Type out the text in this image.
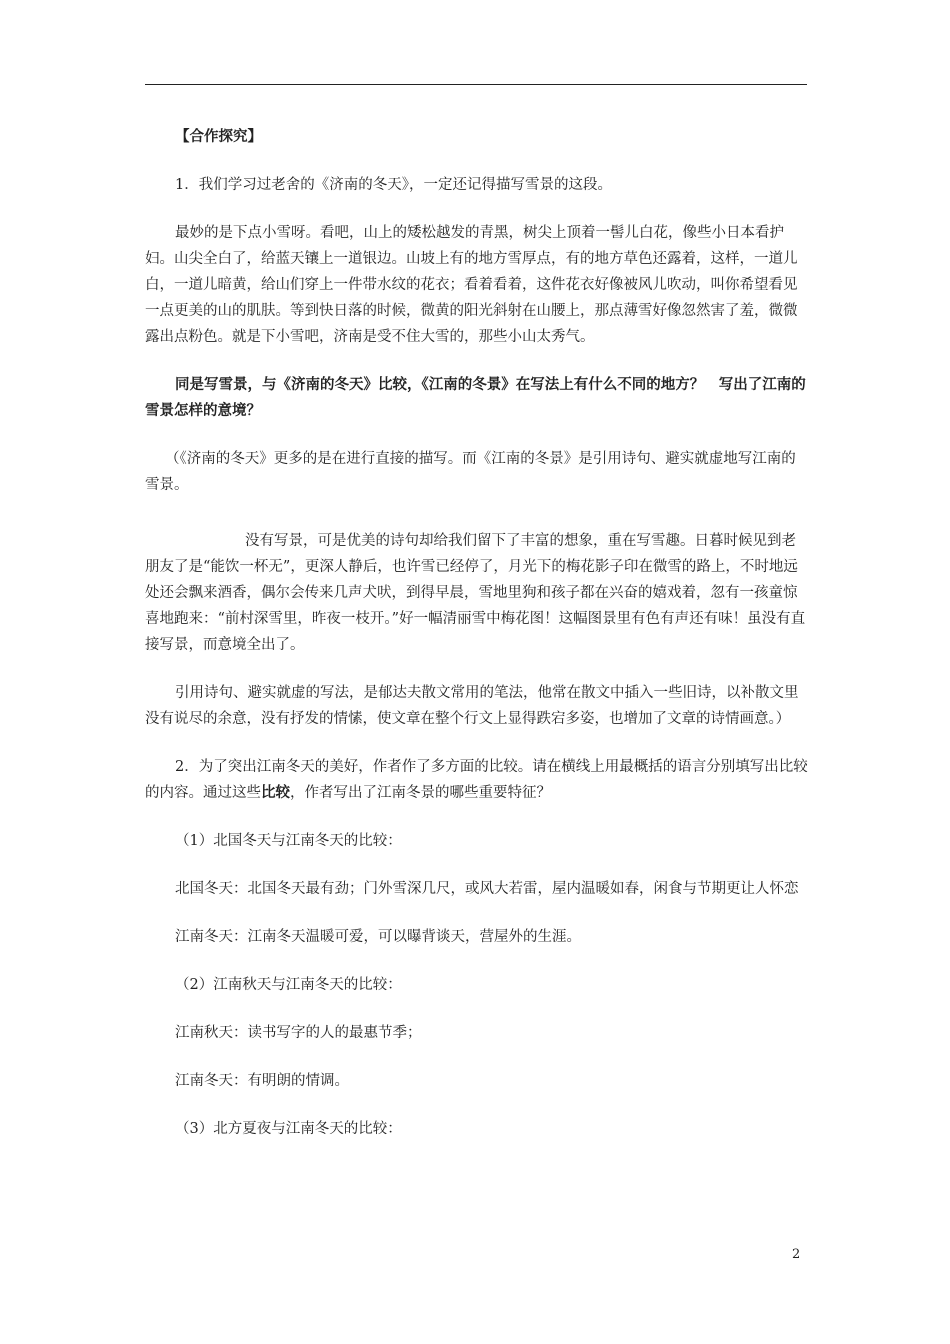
【合作探究】

1．我们学习过老舍的《济南的冬天》，一定还记得描写雪景的这段。

最妙的是下点小雪呀。看吧，山上的矮松越发的青黑，树尖上顶着一髻儿白花，像些小日本看护妇。山尖全白了，给蓝天镶上一道银边。山坡上有的地方雪厚点，有的地方草色还露着，这样，一道儿白，一道儿暗黄，给山们穿上一件带水纹的花衣；看着看着，这件花衣好像被风儿吹动，叫你希望看见一点更美的山的肌肤。等到快日落的时候，微黄的阳光斜射在山腰上，那点薄雪好像忽然害了羞，微微露出点粉色。就是下小雪吧，济南是受不住大雪的，那些小山太秀气。

同是写雪景，与《济南的冬天》比较，《江南的冬景》在写法上有什么不同的地方？　写出了江南的雪景怎样的意境？

（《济南的冬天》更多的是在进行直接的描写。而《江南的冬景》是引用诗句、避实就虚地写江南的雪景。

没有写景，可是优美的诗句却给我们留下了丰富的想象，重在写雪趣。日暮时候见到老朋友了是“能饮一杯无”，更深人静后，也许雪已经停了，月光下的梅花影子印在微雪的路上，不时地远处还会飘来酒香，偶尔会传来几声犬吠，到得早晨，雪地里狗和孩子都在兴奋的嬉戏着，忽有一孩童惊喜地跑来：“前村深雪里，昨夜一枝开。”好一幅清丽雪中梅花图！这幅图景里有色有声还有味！虽没有直接写景，而意境全出了。

引用诗句、避实就虚的写法，是郁达夫散文常用的笔法，他常在散文中插入一些旧诗，以补散文里没有说尽的余意，没有抒发的情愫，使文章在整个行文上显得跌宕多姿，也增加了文章的诗情画意。）

2．为了突出江南冬天的美好，作者作了多方面的比较。请在横线上用最概括的语言分别填写出比较的内容。通过这些比较，作者写出了江南冬景的哪些重要特征？

（1）北国冬天与江南冬天的比较：

北国冬天：北国冬天最有劲；门外雪深几尺，或风大若雷，屋内温暖如春，闲食与节期更让人怀恋

江南冬天：江南冬天温暖可爱，可以曝背谈天，营屋外的生涯。

（2）江南秋天与江南冬天的比较：

江南秋天：读书写字的人的最惠节季；

江南冬天：有明朗的情调。

（3）北方夏夜与江南冬天的比较：

2
